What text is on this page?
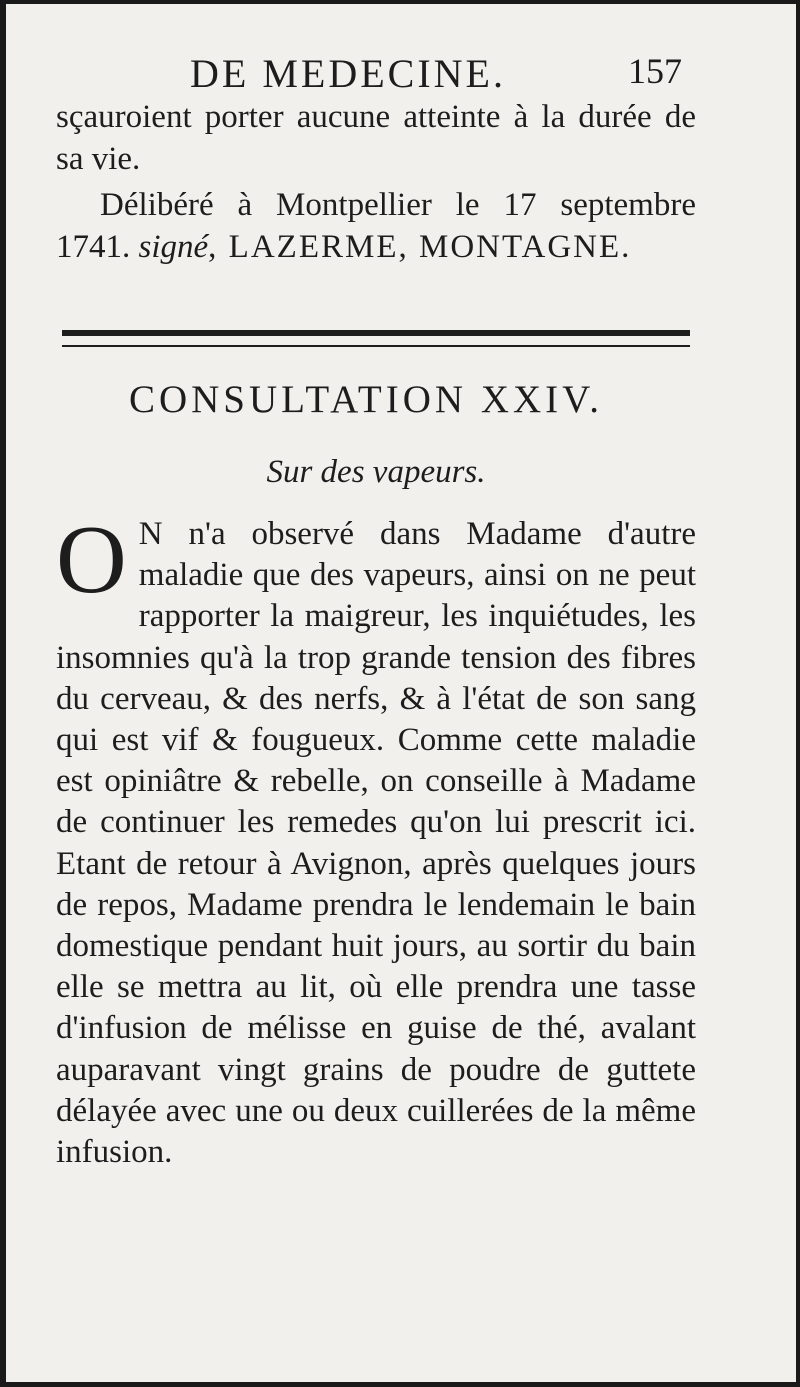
DE MEDECINE.	157

sçauroient porter aucune atteinte à la durée de sa vie.

Délibéré à Montpellier le 17 septembre 1741. signé, LAZERME, MONTAGNE.

CONSULTATION XXIV.
Sur des vapeurs.

O N n'a observé dans Madame d'autre maladie que des vapeurs, ainsi on ne peut rapporter la maigreur, les inquiétudes, les insomnies qu'à la trop grande tension des fibres du cerveau, & des nerfs, & à l'état de son sang qui est vif & fougueux. Comme cette maladie est opiniâtre & rebelle, on conseille à Madame de continuer les remedes qu'on lui prescrit ici. Etant de retour à Avignon, après quelques jours de repos, Madame prendra le lendemain le bain domestique pendant huit jours, au sortir du bain elle se mettra au lit, où elle prendra une tasse d'infusion de mélisse en guise de thé, avalant auparavant vingt grains de poudre de guttete délayée avec une ou deux cuillerées de la même infusion.
